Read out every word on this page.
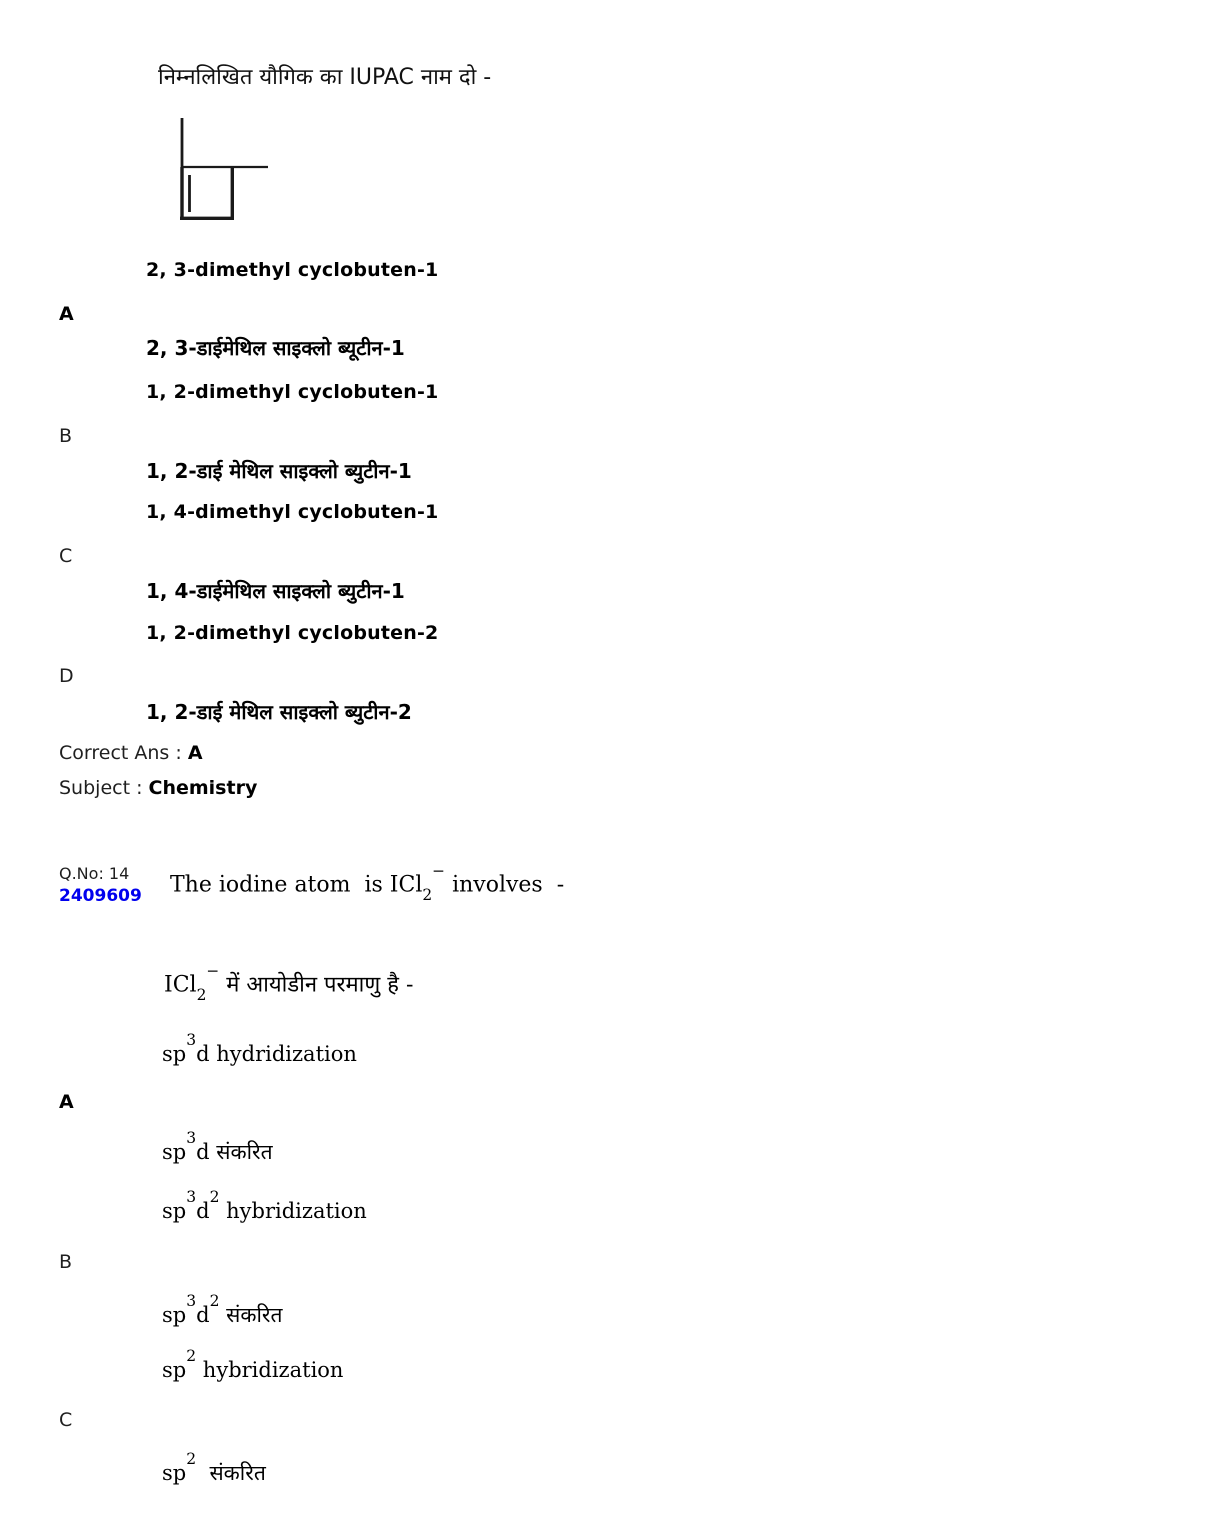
निम्नलिखित यौगिक का IUPAC नाम दो -
2, 3-dimethyl cyclobuten-1
A
2, 3-डाईमेथिल साइक्लो ब्यूटीन-1
1, 2-dimethyl cyclobuten-1
B
1, 2-डाई मेथिल साइक्लो ब्युटीन-1
1, 4-dimethyl cyclobuten-1
C
1, 4-डाईमेथिल साइक्लो ब्युटीन-1
1, 2-dimethyl cyclobuten-2
D
1, 2-डाई मेथिल साइक्लो ब्युटीन-2
Correct Ans : A
Subject : Chemistry
Q.No: 14
2409609 The iodine atom  is ICl$_2$− involves  -
ICl$_2$− में आयोडीन परमाणु है -
$sp^3d$ hydridization
A
$sp^3d$ संकरित
$sp^3d^2$ hybridization
B
$sp^3d^2$ संकरित
$sp^2$ hybridization
C
$sp^2$  संकरित
